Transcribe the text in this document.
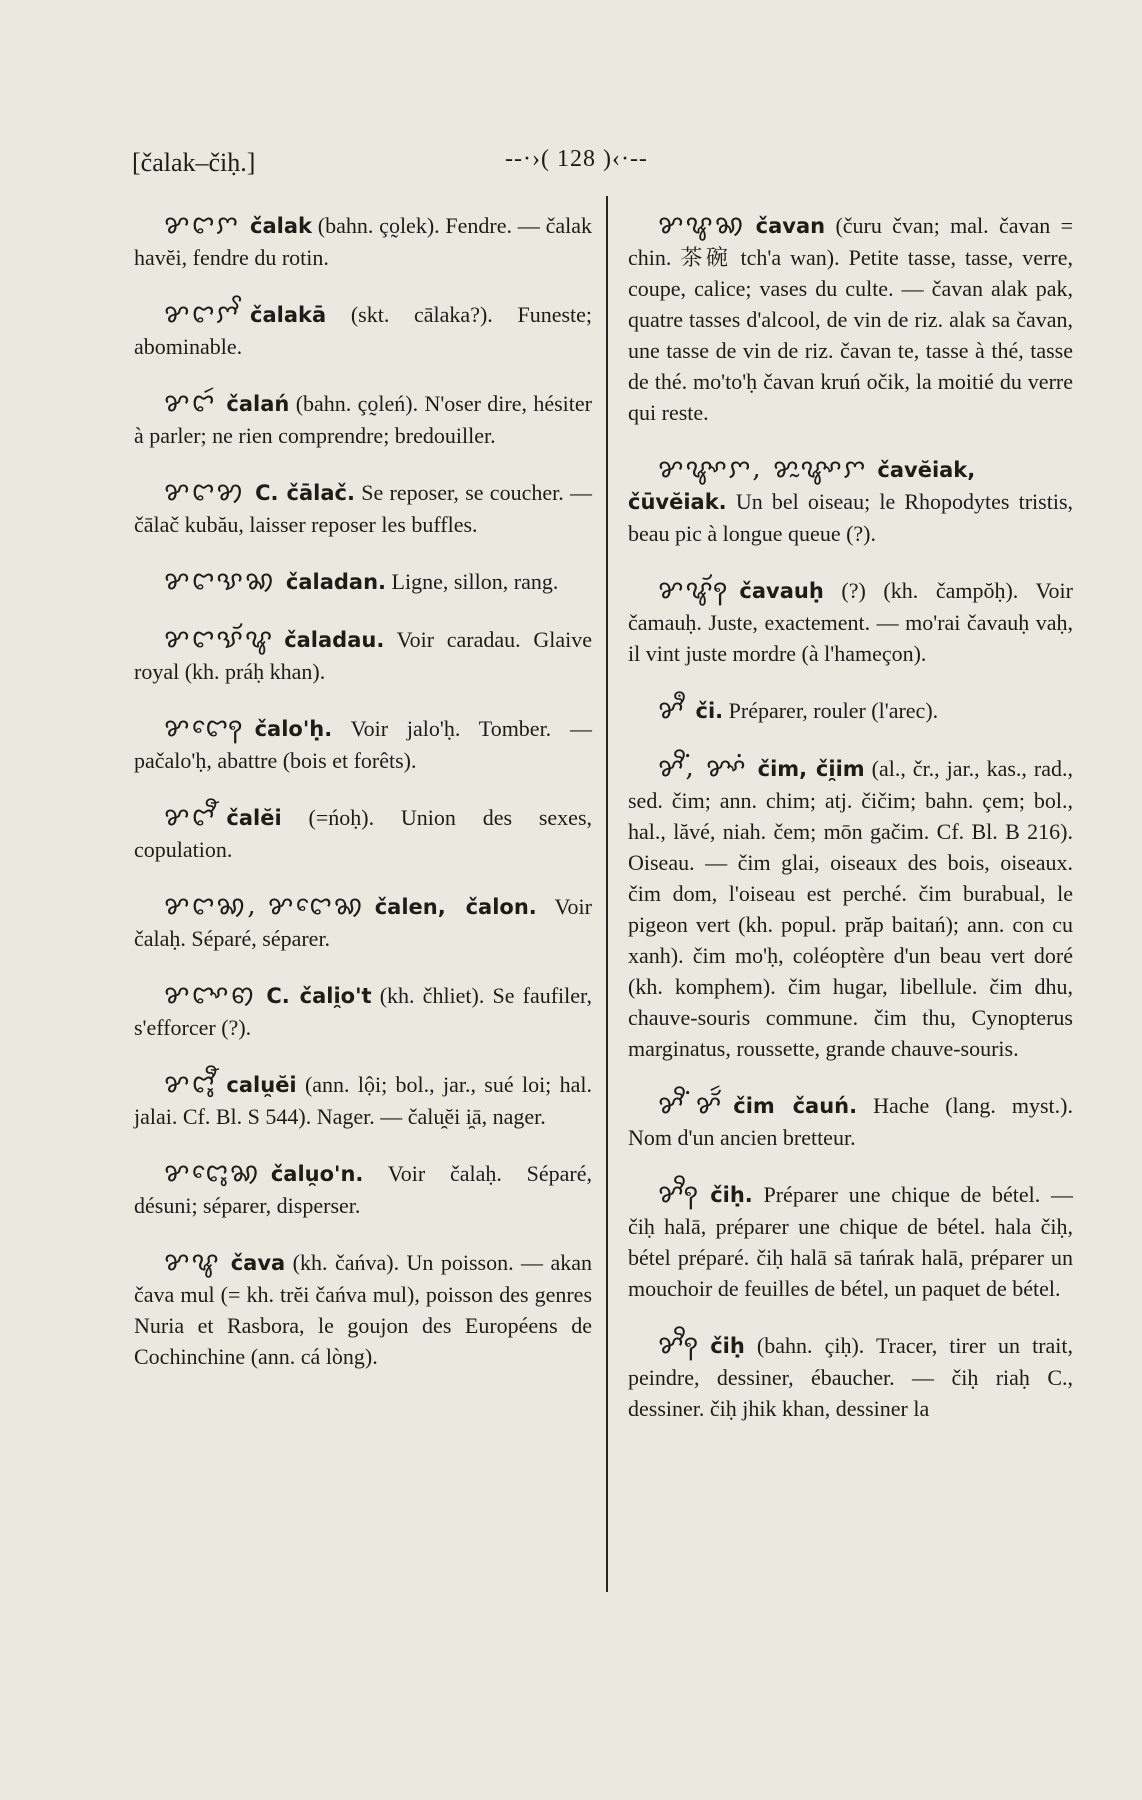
[čalak–čiḥ.]	--·›( 128 )‹·--

ꨌꨤꨆ čalak (bahn. ço̰lek). Fendre. — čalak havĕi, fendre du rotin.

ꨌꨤꨆꨩ čalakā (skt. cālaka?). Funeste; abominable.

ꨌꨤꩃ čalań (bahn. ço̰leń). N'oser dire, hésiter à parler; ne rien comprendre; bredouiller.

ꨌꨤꩄ C. čālač. Se reposer, se coucher. — čālač kubău, laisser reposer les buffles.

ꨌꨤꨕꩆ čaladan. Ligne, sillon, rang.

ꨌꨤꨕꨮꨥ čaladau. Voir caradau. Glaive royal (kh. práḥ khan).

ꨌꨤꨯꩍ čalo'ḥ. Voir jalo'ḥ. Tomber. — pačalo'ḥ, abattre (bois et forêts).

ꨌꨤꨬ čalĕi (=ńoḥ). Union des sexes, copulation.

ꨌꨤꩆ, ꨌꨤꨯꩆ čalen, čalon. Voir čalaḥ. Séparé, séparer.

ꨌꨤꨳꩅ C. čali̯o't (kh. čhliet). Se faufiler, s'efforcer (?).

ꨌꨤꨶꨬ calu̯ĕi (ann. lội; bol., jar., sué loi; hal. jalai. Cf. Bl. S 544). Nager. — čalu̯ĕi i̯ā, nager.

ꨌꨤꨶꨯꩆ čalu̯o'n. Voir čalaḥ. Séparé, désuni; séparer, disperser.

ꨌꨥ čava (kh. čańva). Un poisson. — akan čava mul (= kh. trĕi čańva mul), poisson des genres Nuria et Rasbora, le goujon des Européens de Cochinchine (ann. cá lòng).

ꨌꨥꩆ čavan (čuru čvan; mal. čavan = chin. 茶碗 tch'a wan). Petite tasse, tasse, verre, coupe, calice; vases du culte. — čavan alak pak, quatre tasses d'alcool, de vin de riz. alak sa čavan, une tasse de vin de riz. čavan te, tasse à thé, tasse de thé. mo'to'ḥ čavan kruń očik, la moitié du verre qui reste.

ꨌꨥꨳꨆ, ꨌꨭꨥꨳꨆ čavĕiak, čūvĕiak. Un bel oiseau; le Rhopodytes tristis, beau pic à longue queue (?).

ꨌꨥꨮꩍ čavauḥ (?) (kh. čampŏḥ). Voir čamauḥ. Juste, exactement. — mo'rai čavauḥ vaḥ, il vint juste mordre (à l'hameçon).

ꨌꨫ či. Préparer, rouler (l'arec).

ꨌꨪꩌ, ꨌꨳꩌ čim, či̯im (al., čr., jar., kas., rad., sed. čim; ann. chim; atj. čičim; bahn. çem; bol., hal., lăvé, niah. čem; mōn gačim. Cf. Bl. B 216). Oiseau. — čim glai, oiseaux des bois, oiseaux. čim dom, l'oiseau est perché. čim burabual, le pigeon vert (kh. popul. prăp baitań); ann. con cu xanh). čim mo'ḥ, coléoptère d'un beau vert doré (kh. komphem). čim hugar, libellule. čim dhu, chauve-souris commune. čim thu, Cynopterus marginatus, roussette, grande chauve-souris.

ꨌꨪꩌ ꨌꨮꩃ čim čauń. Hache (lang. myst.). Nom d'un ancien bretteur.

ꨌꨪꩍ čiḥ. Préparer une chique de bétel. — čiḥ halā, préparer une chique de bétel. hala čiḥ, bétel préparé. čiḥ halā sā tańrak halā, préparer un mouchoir de feuilles de bétel, un paquet de bétel.

ꨌꨪꩍ čiḥ (bahn. çiḥ). Tracer, tirer un trait, peindre, dessiner, ébaucher. — čiḥ riaḥ C., dessiner. čiḥ jhik khan, dessiner la
